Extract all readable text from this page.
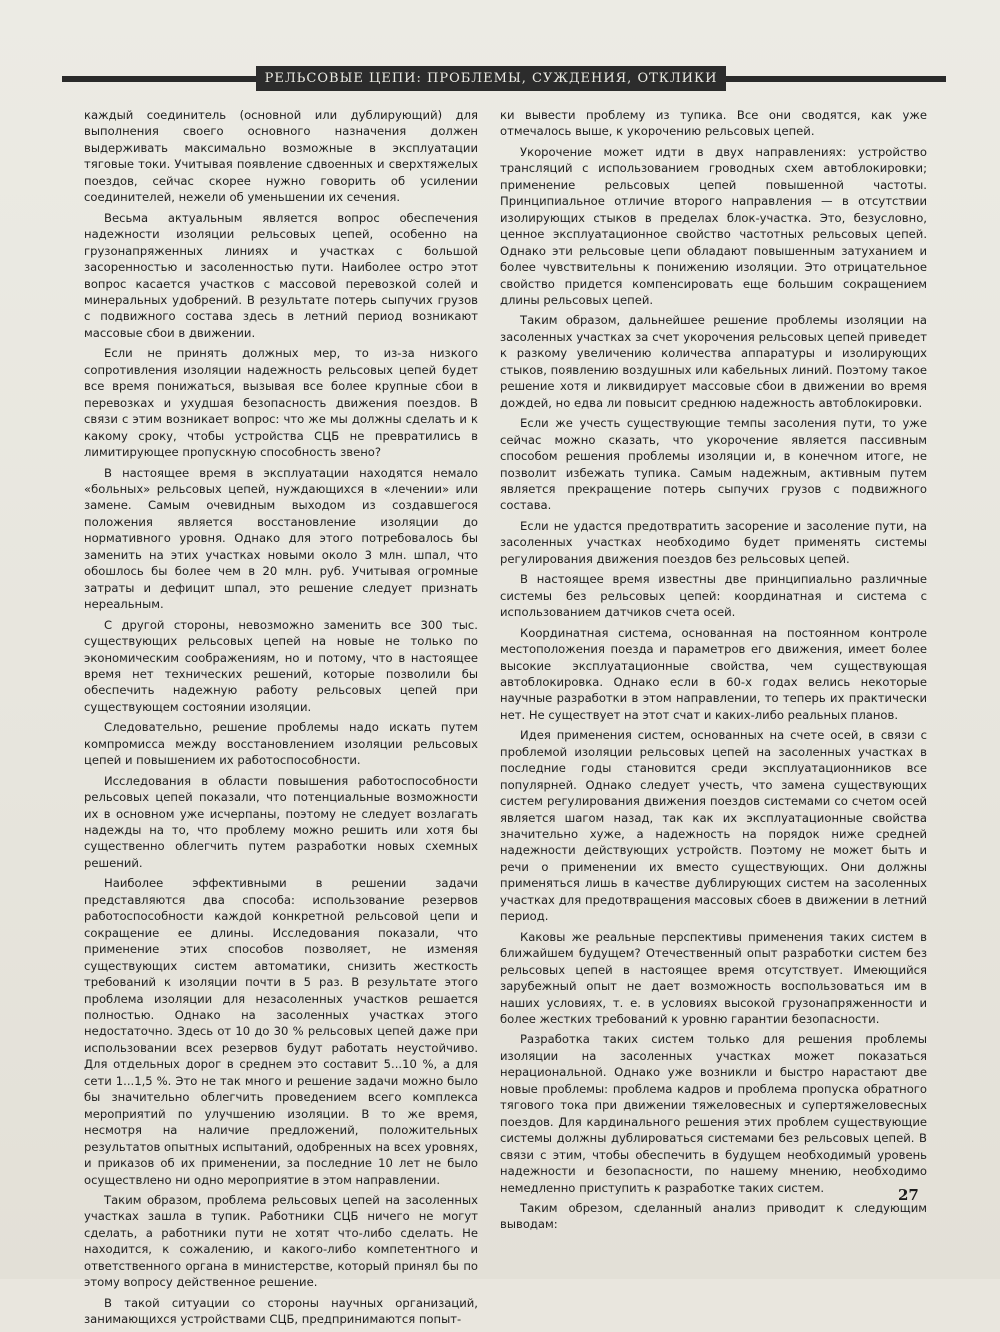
РЕЛЬСОВЫЕ ЦЕПИ: ПРОБЛЕМЫ, СУЖДЕНИЯ, ОТКЛИКИ

каждый соединитель (основной или дублирующий) для выполнения своего основного назначения должен выдерживать максимально возможные в эксплуатации тяговые токи. Учитывая появление сдвоенных и сверхтяжелых поездов, сейчас скорее нужно говорить об усилении соединителей, нежели об уменьшении их сечения.

Весьма актуальным является вопрос обеспечения надежности изоляции рельсовых цепей, особенно на грузонапряженных линиях и участках с большой засоренностью и засоленностью пути. Наиболее остро этот вопрос касается участков с массовой перевозкой солей и минеральных удобрений. В результате потерь сыпучих грузов с подвижного состава здесь в летний период возникают массовые сбои в движении.

Если не принять должных мер, то из-за низкого сопротивления изоляции надежность рельсовых цепей будет все время понижаться, вызывая все более крупные сбои в перевозках и ухудшая безопасность движения поездов. В связи с этим возникает вопрос: что же мы должны сделать и к какому сроку, чтобы устройства СЦБ не превратились в лимитирующее пропускную способность звено?

В настоящее время в эксплуатации находятся немало «больных» рельсовых цепей, нуждающихся в «лечении» или замене. Самым очевидным выходом из создавшегося положения является восстановление изоляции до нормативного уровня. Однако для этого потребовалось бы заменить на этих участках новыми около 3 млн. шпал, что обошлось бы более чем в 20 млн. руб. Учитывая огромные затраты и дефицит шпал, это решение следует признать нереальным.

С другой стороны, невозможно заменить все 300 тыс. существующих рельсовых цепей на новые не только по экономическим соображениям, но и потому, что в настоящее время нет технических решений, которые позволили бы обеспечить надежную работу рельсовых цепей при существующем состоянии изоляции.

Следовательно, решение проблемы надо искать путем компромисса между восстановлением изоляции рельсовых цепей и повышением их работоспособности.

Исследования в области повышения работоспособности рельсовых цепей показали, что потенциальные возможности их в основном уже исчерпаны, поэтому не следует возлагать надежды на то, что проблему можно решить или хотя бы существенно облегчить путем разработки новых схемных решений.

Наиболее эффективными в решении задачи представляются два способа: использование резервов работоспособности каждой конкретной рельсовой цепи и сокращение ее длины. Исследования показали, что применение этих способов позволяет, не изменяя существующих систем автоматики, снизить жесткость требований к изоляции почти в 5 раз. В результате этого проблема изоляции для незасоленных участков решается полностью. Однако на засоленных участках этого недостаточно. Здесь от 10 до 30 % рельсовых цепей даже при использовании всех резервов будут работать неустойчиво. Для отдельных дорог в среднем это составит 5...10 %, а для сети 1...1,5 %. Это не так много и решение задачи можно было бы значительно облегчить проведением всего комплекса мероприятий по улучшению изоляции. В то же время, несмотря на наличие предложений, положительных результатов опытных испытаний, одобренных на всех уровнях, и приказов об их применении, за последние 10 лет не было осуществлено ни одно мероприятие в этом направлении.

Таким образом, проблема рельсовых цепей на засоленных участках зашла в тупик. Работники СЦБ ничего не могут сделать, а работники пути не хотят что-либо сделать. Не находится, к сожалению, и какого-либо компетентного и ответственного органа в министерстве, который принял бы по этому вопросу действенное решение.

В такой ситуации со стороны научных организаций, занимающихся устройствами СЦБ, предпринимаются попыт-

ки вывести проблему из тупика. Все они сводятся, как уже отмечалось выше, к укорочению рельсовых цепей.

Укорочение может идти в двух направлениях: устройство трансляций с использованием гроводных схем автоблокировки; применение рельсовых цепей повышенной частоты. Принципиальное отличие второго направления — в отсутствии изолирующих стыков в пределах блок-участка. Это, безусловно, ценное эксплуатационное свойство частотных рельсовых цепей. Однако эти рельсовые цепи обладают повышенным затуханием и более чувствительны к понижению изоляции. Это отрицательное свойство придется компенсировать еще большим сокращением длины рельсовых цепей.

Таким образом, дальнейшее решение проблемы изоляции на засоленных участках за счет укорочения рельсовых цепей приведет к разкому увеличению количества аппаратуры и изолирующих стыков, появлению воздушных или кабельных линий. Поэтому такое решение хотя и ликвидирует массовые сбои в движении во время дождей, но едва ли повысит среднюю надежность автоблокировки.

Если же учесть существующие темпы засоления пути, то уже сейчас можно сказать, что укорочение является пассивным способом решения проблемы изоляции и, в конечном итоге, не позволит избежать тупика. Самым надежным, активным путем является прекращение потерь сыпучих грузов с подвижного состава.

Если не удастся предотвратить засорение и засоление пути, на засоленных участках необходимо будет применять системы регулирования движения поездов без рельсовых цепей.

В настоящее время известны две принципиально различные системы без рельсовых цепей: координатная и система с использованием датчиков счета осей.

Координатная система, основанная на постоянном контроле местоположения поезда и параметров его движения, имеет более высокие эксплуатационные свойства, чем существующая автоблокировка. Однако если в 60-х годах велись некоторые научные разработки в этом направлении, то теперь их практически нет. Не существует на этот счат и каких-либо реальных планов.

Идея применения систем, основанных на счете осей, в связи с проблемой изоляции рельсовых цепей на засоленных участках в последние годы становится среди эксплуатационников все популярней. Однако следует учесть, что замена существующих систем регулирования движения поездов системами со счетом осей является шагом назад, так как их эксплуатационные свойства значительно хуже, а надежность на порядок ниже средней надежности действующих устройств. Поэтому не может быть и речи о применении их вместо существующих. Они должны применяться лишь в качестве дублирующих систем на засоленных участках для предотвращения массовых сбоев в движении в летний период.

Каковы же реальные перспективы применения таких систем в ближайшем будущем? Отечественный опыт разработки систем без рельсовых цепей в настоящее время отсутствует. Имеющийся зарубежный опыт не дает возможность воспользоваться им в наших условиях, т. е. в условиях высокой грузонапряженности и более жестких требований к уровню гарантии безопасности.

Разработка таких систем только для решения проблемы изоляции на засоленных участках может показаться нерациональной. Однако уже возникли и быстро нарастают две новые проблемы: проблема кадров и проблема пропуска обратного тягового тока при движении тяжеловесных и супертяжеловесных поездов. Для кардинального решения этих проблем существующие системы должны дублироваться системами без рельсовых цепей. В связи с этим, чтобы обеспечить в будущем необходимый уровень надежности и безопасности, по нашему мнению, необходимо немедленно приступить к разработке таких систем.

Таким обрезом, сделанный анализ приводит к следующим выводам:

27
